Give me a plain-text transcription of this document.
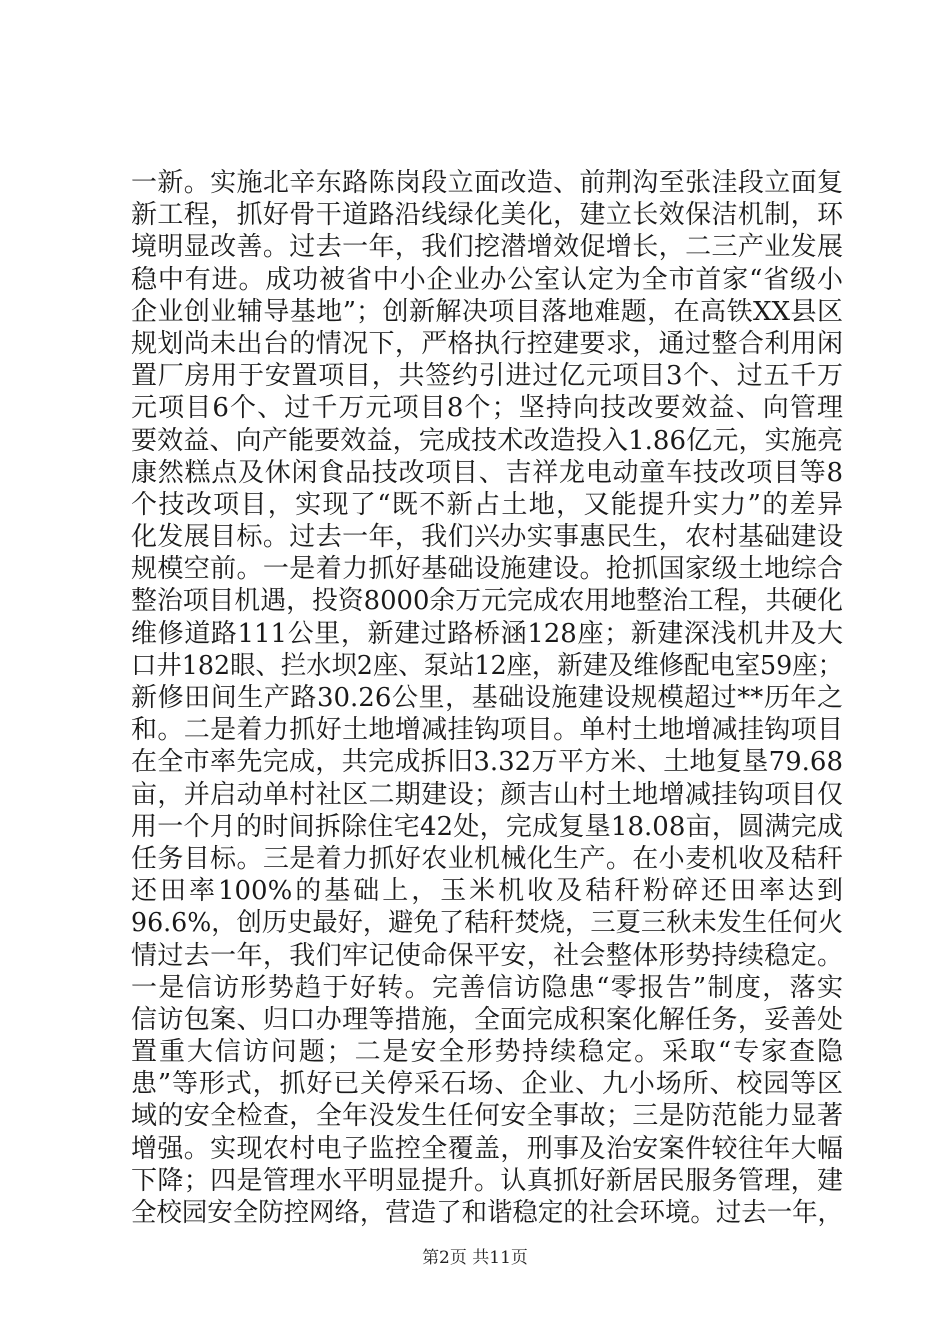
一新。实施北辛东路陈岗段立面改造、前荆沟至张洼段立面复
新工程，抓好骨干道路沿线绿化美化，建立长效保洁机制，环
境明显改善。过去一年，我们挖潜增效促增长，二三产业发展
稳中有进。成功被省中小企业办公室认定为全市首家“省级小
企业创业辅导基地”；创新解决项目落地难题，在高铁XX县区
规划尚未出台的情况下，严格执行控建要求，通过整合利用闲
置厂房用于安置项目，共签约引进过亿元项目3个、过五千万
元项目6个、过千万元项目8个；坚持向技改要效益、向管理
要效益、向产能要效益，完成技术改造投入1.86亿元，实施亮
康然糕点及休闲食品技改项目、吉祥龙电动童车技改项目等8
个技改项目，实现了“既不新占土地，又能提升实力”的差异
化发展目标。过去一年，我们兴办实事惠民生，农村基础建设
规模空前。一是着力抓好基础设施建设。抢抓国家级土地综合
整治项目机遇，投资8000余万元完成农用地整治工程，共硬化
维修道路111公里，新建过路桥涵128座；新建深浅机井及大
口井182眼、拦水坝2座、泵站12座，新建及维修配电室59座；
新修田间生产路30.26公里，基础设施建设规模超过**历年之
和。二是着力抓好土地增减挂钩项目。单村土地增减挂钩项目
在全市率先完成，共完成拆旧3.32万平方米、土地复垦79.68
亩，并启动单村社区二期建设；颜吉山村土地增减挂钩项目仅
用一个月的时间拆除住宅42处，完成复垦18.08亩，圆满完成
任务目标。三是着力抓好农业机械化生产。在小麦机收及秸秆
还田率100%的基础上，玉米机收及秸秆粉碎还田率达到
96.6%，创历史最好，避免了秸秆焚烧，三夏三秋未发生任何火
情过去一年，我们牢记使命保平安，社会整体形势持续稳定。
一是信访形势趋于好转。完善信访隐患“零报告”制度，落实
信访包案、归口办理等措施，全面完成积案化解任务，妥善处
置重大信访问题；二是安全形势持续稳定。采取“专家查隐
患”等形式，抓好已关停采石场、企业、九小场所、校园等区
域的安全检查，全年没发生任何安全事故；三是防范能力显著
增强。实现农村电子监控全覆盖，刑事及治安案件较往年大幅
下降；四是管理水平明显提升。认真抓好新居民服务管理，建
全校园安全防控网络，营造了和谐稳定的社会环境。过去一年，
第2页 共11页
